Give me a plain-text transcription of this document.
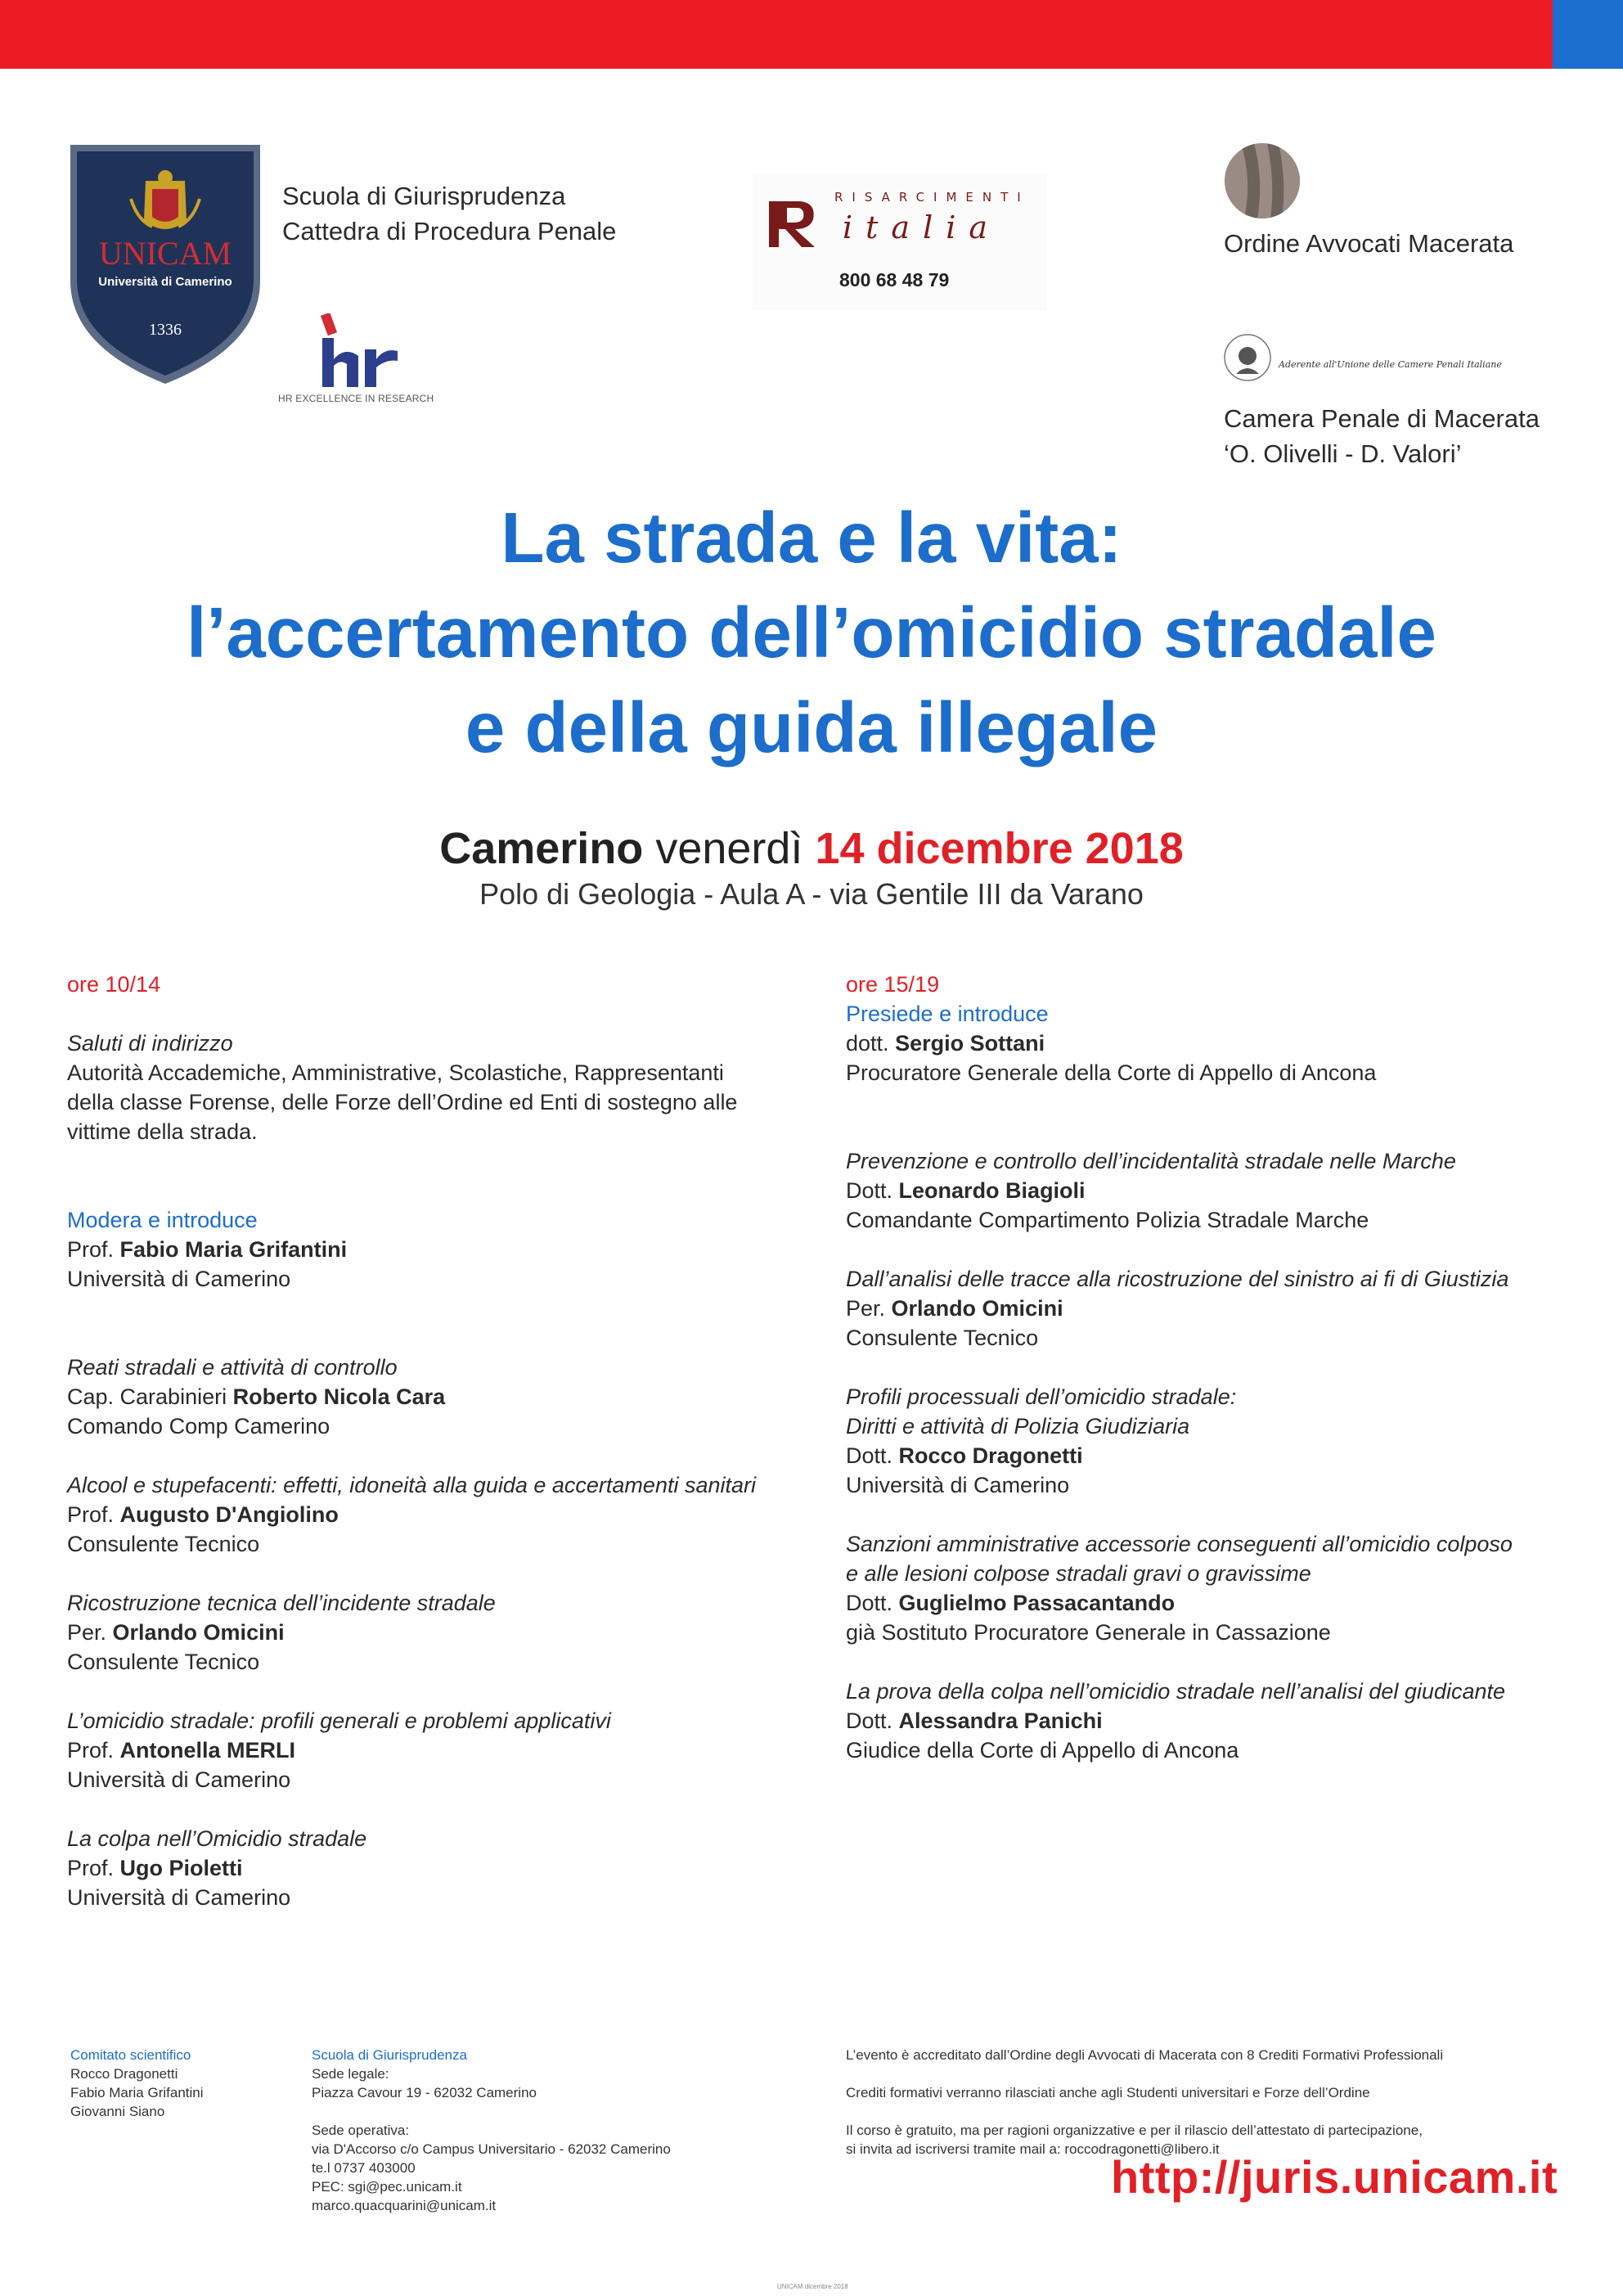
UNICAM
Università di Camerino
1336
Scuola di Giurisprudenza
Cattedra di Procedura Penale
HR EXCELLENCE IN RESEARCH
RISARCIMENTI
italia
800 68 48 79
Ordine Avvocati Macerata
Aderente all'Unione delle Camere Penali Italiane
Camera Penale di Macerata
‘O. Olivelli - D. Valori’
La strada e la vita:
l’accertamento dell’omicidio stradale
e della guida illegale
Camerino venerdì 14 dicembre 2018
Polo di Geologia - Aula A - via Gentile III da Varano
ore 10/14
Saluti di indirizzo
Autorità Accademiche, Amministrative, Scolastiche, Rappresentanti
della classe Forense, delle Forze dell’Ordine ed Enti di sostegno alle
vittime della strada.
Modera e introduce
Prof. Fabio Maria Grifantini
Università di Camerino
Reati stradali e attività di controllo
Cap. Carabinieri Roberto Nicola Cara
Comando Comp Camerino
Alcool e stupefacenti: effetti, idoneità alla guida e accertamenti sanitari
Prof. Augusto D'Angiolino
Consulente Tecnico
Ricostruzione tecnica dell’incidente stradale
Per. Orlando Omicini
Consulente Tecnico
L’omicidio stradale: profili generali e problemi applicativi
Prof. Antonella MERLI
Università di Camerino
La colpa nell’Omicidio stradale
Prof. Ugo Pioletti
Università di Camerino
ore 15/19
Presiede e introduce
dott. Sergio Sottani
Procuratore Generale della Corte di Appello di Ancona
Prevenzione e controllo dell’incidentalità stradale nelle Marche
Dott. Leonardo Biagioli
Comandante Compartimento Polizia Stradale Marche
Dall’analisi delle tracce alla ricostruzione del sinistro ai fi di Giustizia
Per. Orlando Omicini
Consulente Tecnico
Profili processuali dell’omicidio stradale:
Diritti e attività di Polizia Giudiziaria
Dott. Rocco Dragonetti
Università di Camerino
Sanzioni amministrative accessorie conseguenti all’omicidio colposo
e alle lesioni colpose stradali gravi o gravissime
Dott. Guglielmo Passacantando
già Sostituto Procuratore Generale in Cassazione
La prova della colpa nell’omicidio stradale nell’analisi del giudicante
Dott. Alessandra Panichi
Giudice della Corte di Appello di Ancona
Comitato scientifico
Rocco Dragonetti
Fabio Maria Grifantini
Giovanni Siano
Scuola di Giurisprudenza
Sede legale:
Piazza Cavour 19 - 62032 Camerino
Sede operativa:
via D'Accorso c/o Campus Universitario - 62032 Camerino
te.l 0737 403000
PEC: sgi@pec.unicam.it
marco.quacquarini@unicam.it
L’evento è accreditato dall’Ordine degli Avvocati di Macerata con 8 Crediti Formativi Professionali
Crediti formativi verranno rilasciati anche agli Studenti universitari e Forze dell’Ordine
Il corso è gratuito, ma per ragioni organizzative e per il rilascio dell’attestato di partecipazione,
si invita ad iscriversi tramite mail a: roccodragonetti@libero.it
http://juris.unicam.it
UNICAM dicembre 2018
